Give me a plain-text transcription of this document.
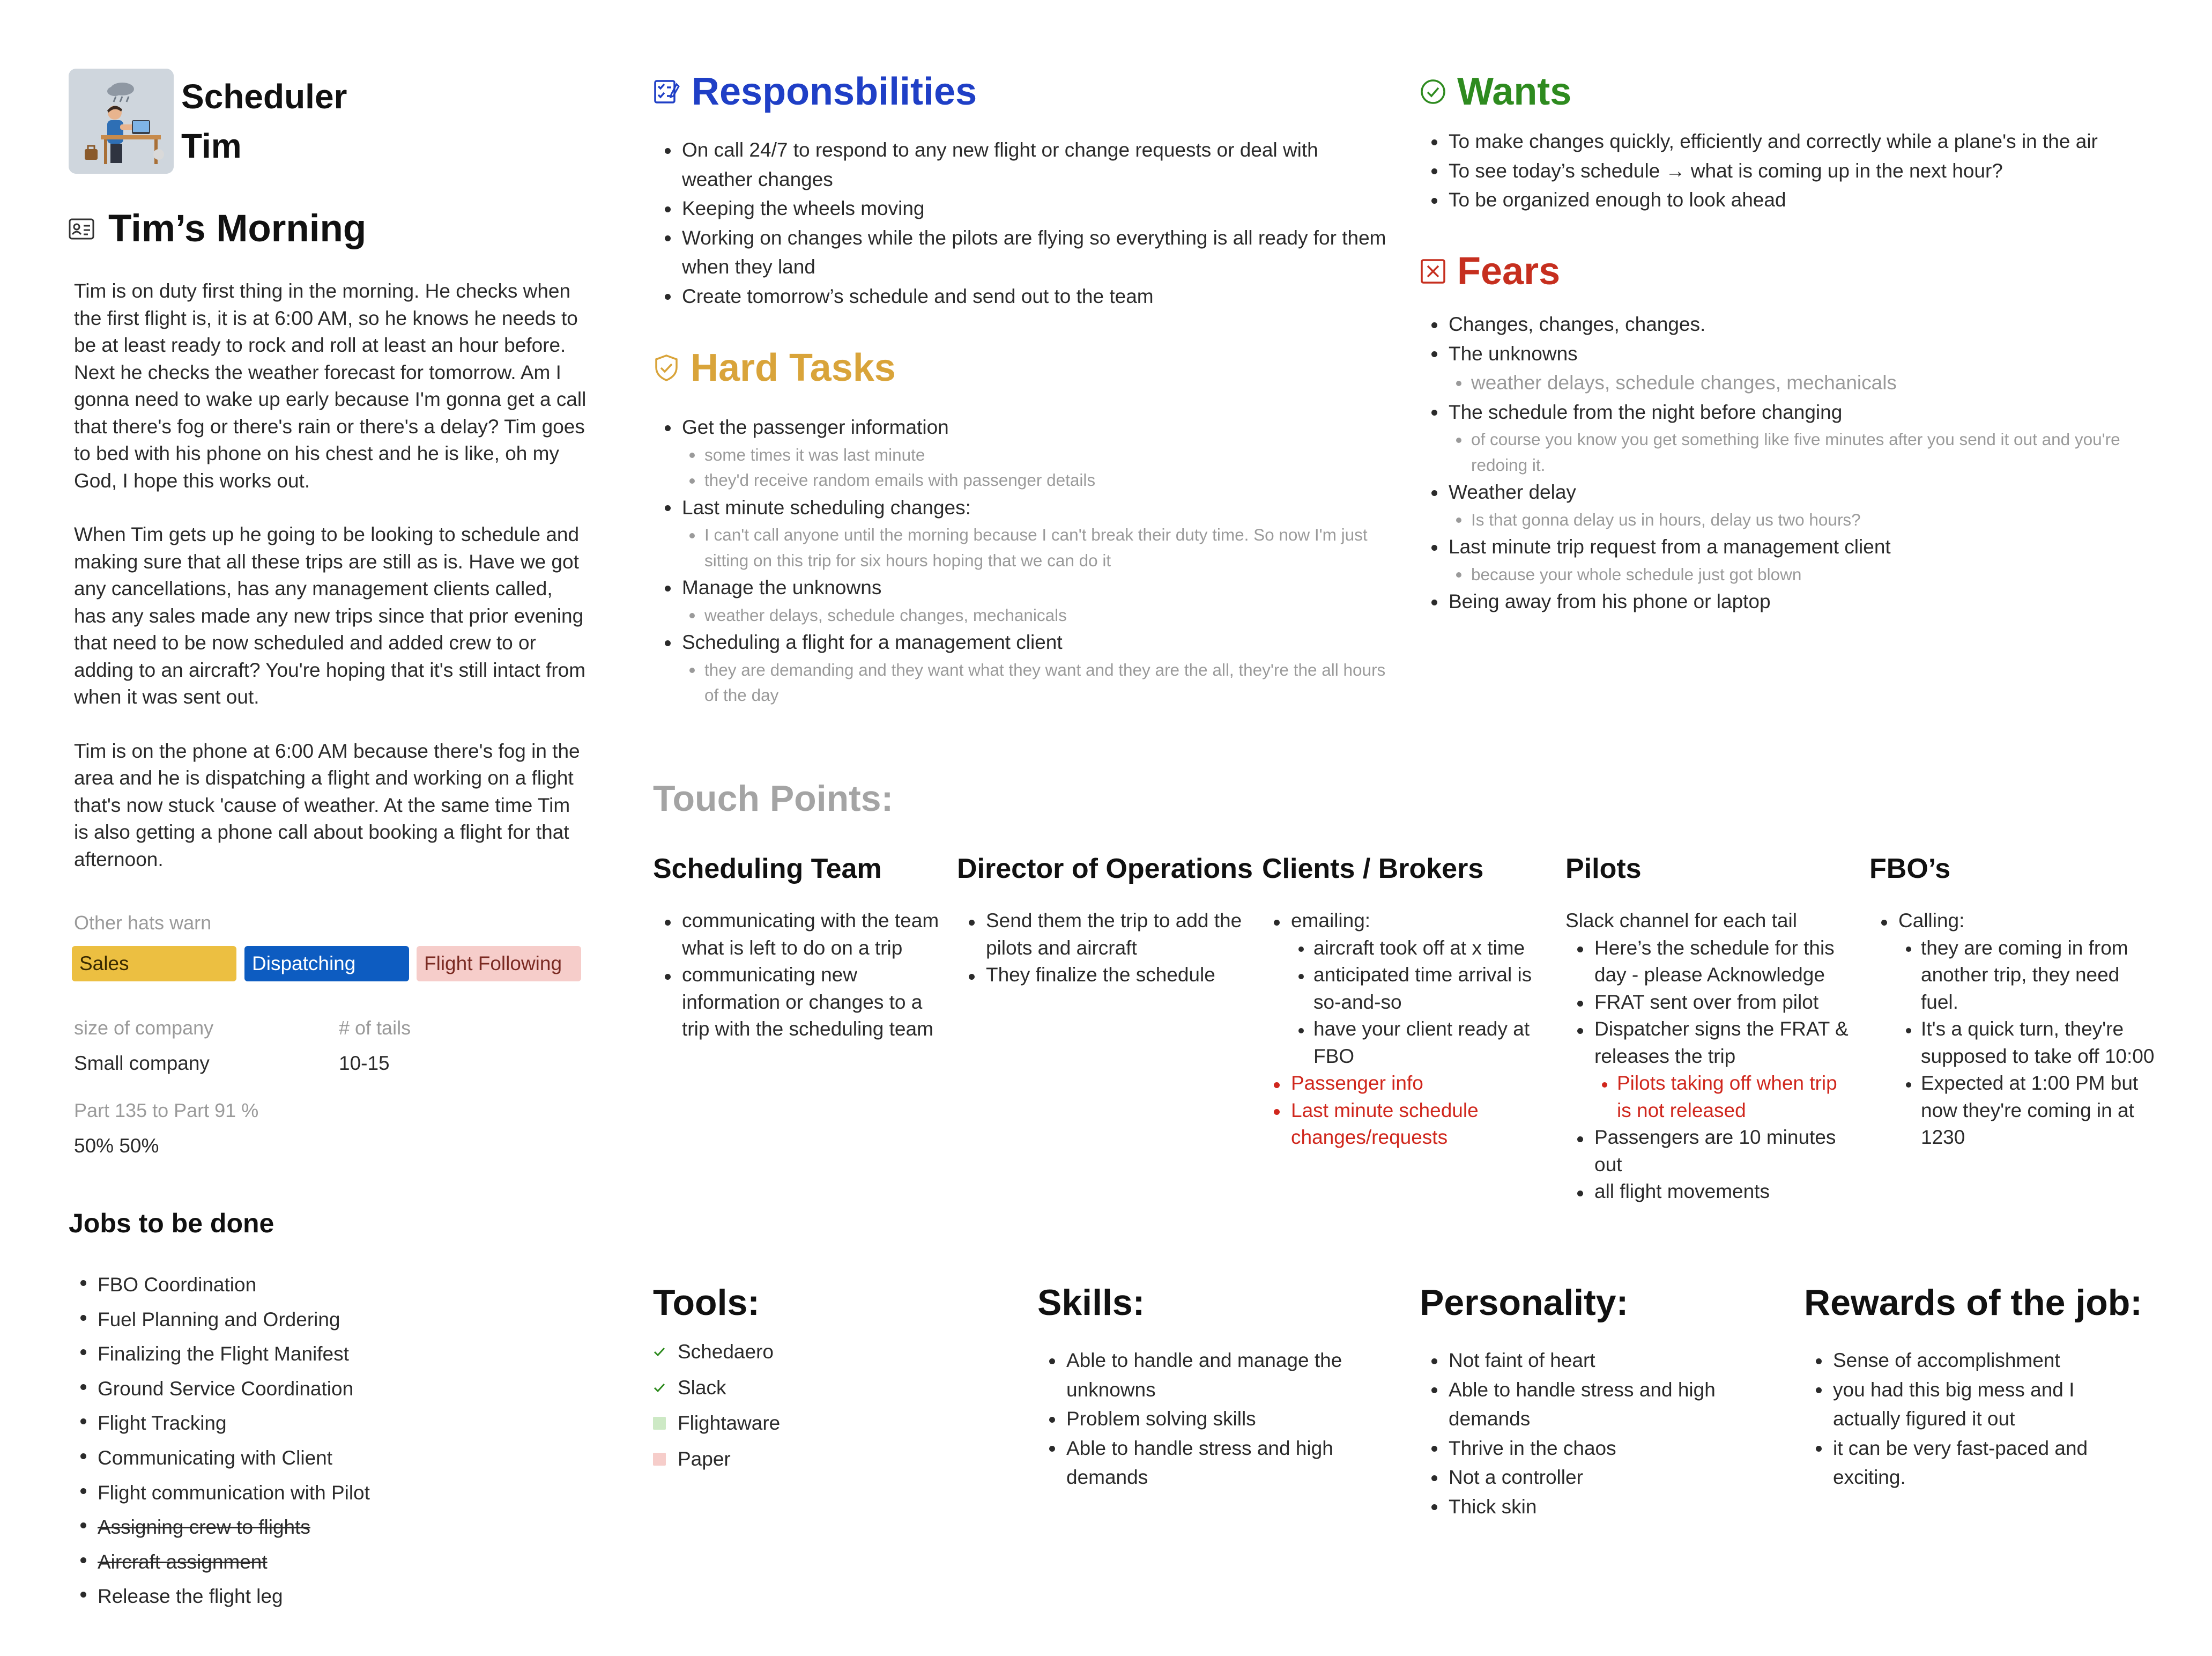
Scheduler Tim
Tim’s Morning

Tim is on duty first thing in the morning. He checks when the first flight is, it is at 6:00 AM, so he knows he needs to be at least ready to rock and roll at least an hour before. Next he checks the weather forecast for tomorrow. Am I gonna need to wake up early because I'm gonna get a call that there's fog or there's rain or there's a delay? Tim goes to bed with his phone on his chest and he is like, oh my God, I hope this works out.

When Tim gets up he going to be looking to schedule and making sure that all these trips are still as is. Have we got any cancellations, has any management clients called, has any sales made any new trips since that prior evening that need to be now scheduled and added crew to or adding to an aircraft? You're hoping that it's still intact from when it was sent out.

Tim is on the phone at 6:00 AM because there's fog in the area and he is dispatching a flight and working on a flight that's now stuck 'cause of weather. At the same time Tim is also getting a phone call about booking a flight for that afternoon.

Other hats warn
Sales	Dispatching	Flight Following
size of company
Small company
# of tails
10-15
Part 135 to Part 91 %
50% 50%
Jobs to be done
FBO Coordination
Fuel Planning and Ordering
Finalizing the Flight Manifest
Ground Service Coordination
Flight Tracking
Communicating with Client
Flight communication with Pilot
Assigning crew to flights
Aircraft assignment
Release the flight leg
Responsbilities
On call 24/7 to respond to any new flight or change requests or deal with weather changes
Keeping the wheels moving
Working on changes while the pilots are flying so everything is all ready for them when they land
Create tomorrow’s schedule and send out to the team
Hard Tasks
Get the passenger information
some times it was last minute
they'd receive random emails with passenger details
Last minute scheduling changes:
I can't call anyone until the morning because I can't break their duty time. So now I'm just sitting on this trip for six hours hoping that we can do it
Manage the unknowns
weather delays, schedule changes, mechanicals
Scheduling a flight for a management client
they are demanding and they want what they want and they are the all, they're the all hours of the day
Wants
To make changes quickly, efficiently and correctly while a plane's in the air
To see today’s schedule → what is coming up in the next hour?
To be organized enough to look ahead
Fears
Changes, changes, changes.
The unknowns
weather delays, schedule changes, mechanicals
The schedule from the night before changing
of course you know you get something like five minutes after you send it out and you're redoing it.
Weather delay
Is that gonna delay us in hours, delay us two hours?
Last minute trip request from a management client
because your whole schedule just got blown
Being away from his phone or laptop
Touch Points:
Scheduling Team
communicating with the team what is left to do on a trip
communicating new information or changes to a trip with the scheduling team
Director of Operations
Send them the trip to add the pilots and aircraft
They finalize the schedule
Clients / Brokers
emailing:
aircraft took off at x time
anticipated time arrival is so-and-so
have your client ready at FBO
Passenger info
Last minute schedule changes/requests
Pilots
Slack channel for each tail
Here’s the schedule for this day - please Acknowledge
FRAT sent over from pilot
Dispatcher signs the FRAT & releases the trip
Pilots taking off when trip is not released
Passengers are 10 minutes out
all flight movements
FBO’s
Calling:
they are coming in from another trip, they need fuel.
It's a quick turn, they're supposed to take off 10:00
Expected at 1:00 PM but now they're coming in at 1230
Tools:
Schedaero
Slack
Flightaware
Paper
Skills:
Able to handle and manage the unknowns
Problem solving skills
Able to handle stress and high demands
Personality:
Not faint of heart
Able to handle stress and high demands
Thrive in the chaos
Not a controller
Thick skin
Rewards of the job:
Sense of accomplishment
you had this big mess and I actually figured it out
it can be very fast-paced and exciting.
